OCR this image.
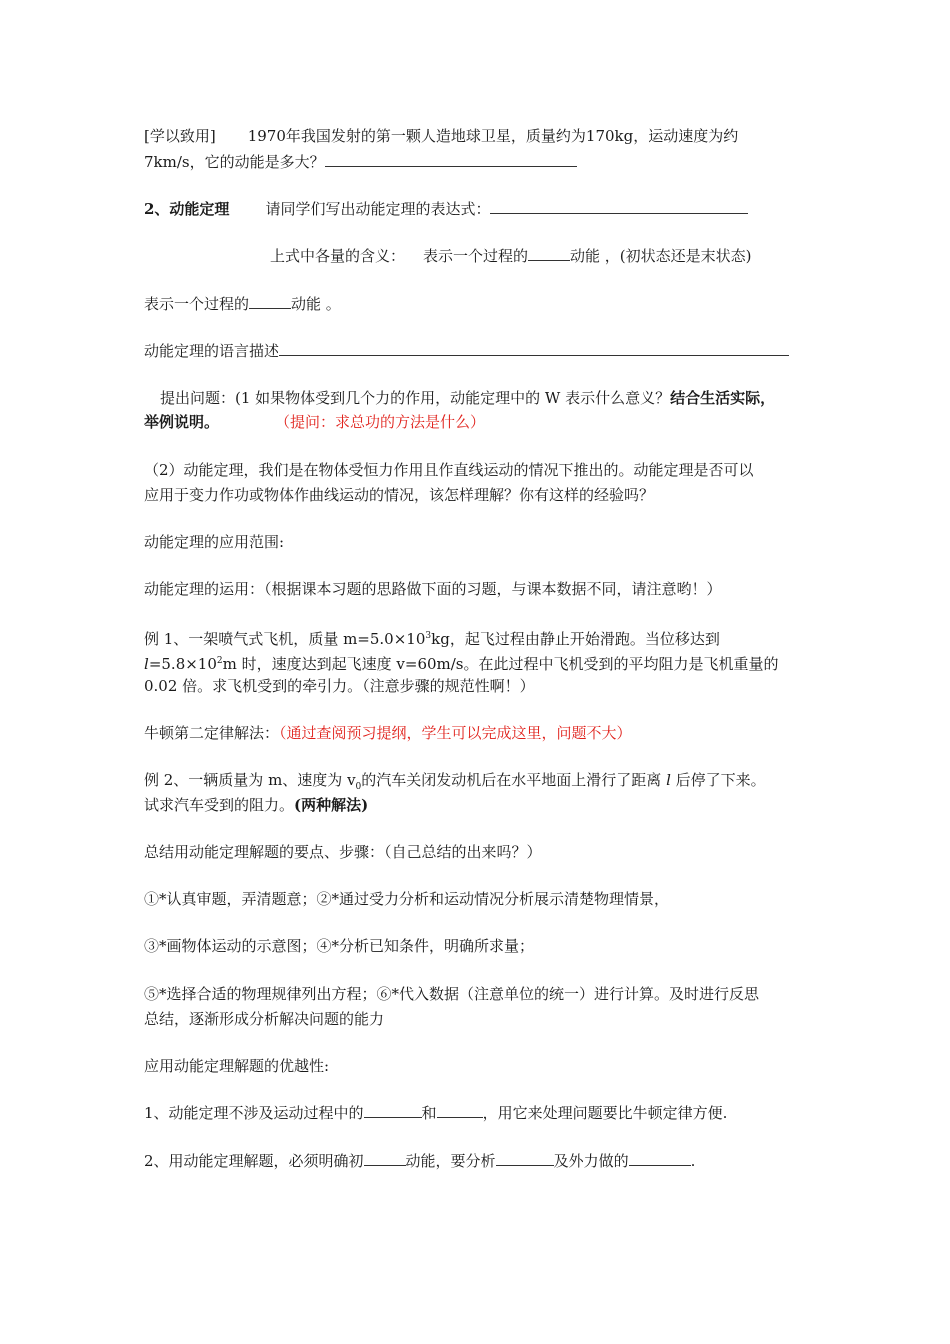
[学以致用] 1970年我国发射的第一颗人造地球卫星，质量约为170kg，运动速度为约
7km/s，它的动能是多大？
2、动能定理 请同学们写出动能定理的表达式：
上式中各量的含义： 表示一个过程的	动能 ，(初状态还是末状态)
表示一个过程的	动能 。
动能定理的语言描述
提出问题：(1 如果物体受到几个力的作用，动能定理中的 W 表示什么意义？结合生活实际，
举例说明。	（提问：求总功的方法是什么）
（2）动能定理，我们是在物体受恒力作用且作直线运动的情况下推出的。动能定理是否可以
应用于变力作功或物体作曲线运动的情况，该怎样理解？你有这样的经验吗？
动能定理的应用范围:
动能定理的运用：（根据课本习题的思路做下面的习题，与课本数据不同，请注意哟！）
例 1、一架喷气式飞机，质量 $m=5.0\times 10^3kg$，起飞过程由静止开始滑跑。当位移达到
$l=5.8\times 10^2m$ 时，速度达到起飞速度 v=60m/s。在此过程中飞机受到的平均阻力是飞机重量的
0.02 倍。求飞机受到的牵引力。（注意步骤的规范性啊！）
牛顿第二定律解法：（通过查阅预习提纲，学生可以完成这里，问题不大）
例 2、一辆质量为 m、速度为 $v_0$的汽车关闭发动机后在水平地面上滑行了距离 l 后停了下来。
试求汽车受到的阻力。(两种解法)
总结用动能定理解题的要点、步骤：（自己总结的出来吗？）
①*认真审题，弄清题意；②*通过受力分析和运动情况分析展示清楚物理情景，
③*画物体运动的示意图；④*分析已知条件，明确所求量；
⑤*选择合适的物理规律列出方程；⑥*代入数据（注意单位的统一）进行计算。及时进行反思
总结，逐渐形成分析解决问题的能力
应用动能定理解题的优越性:
1、动能定理不涉及运动过程中的	和	，用它来处理问题要比牛顿定律方便.
2、用动能定理解题，必须明确初	动能，要分析	及外力做的	.
